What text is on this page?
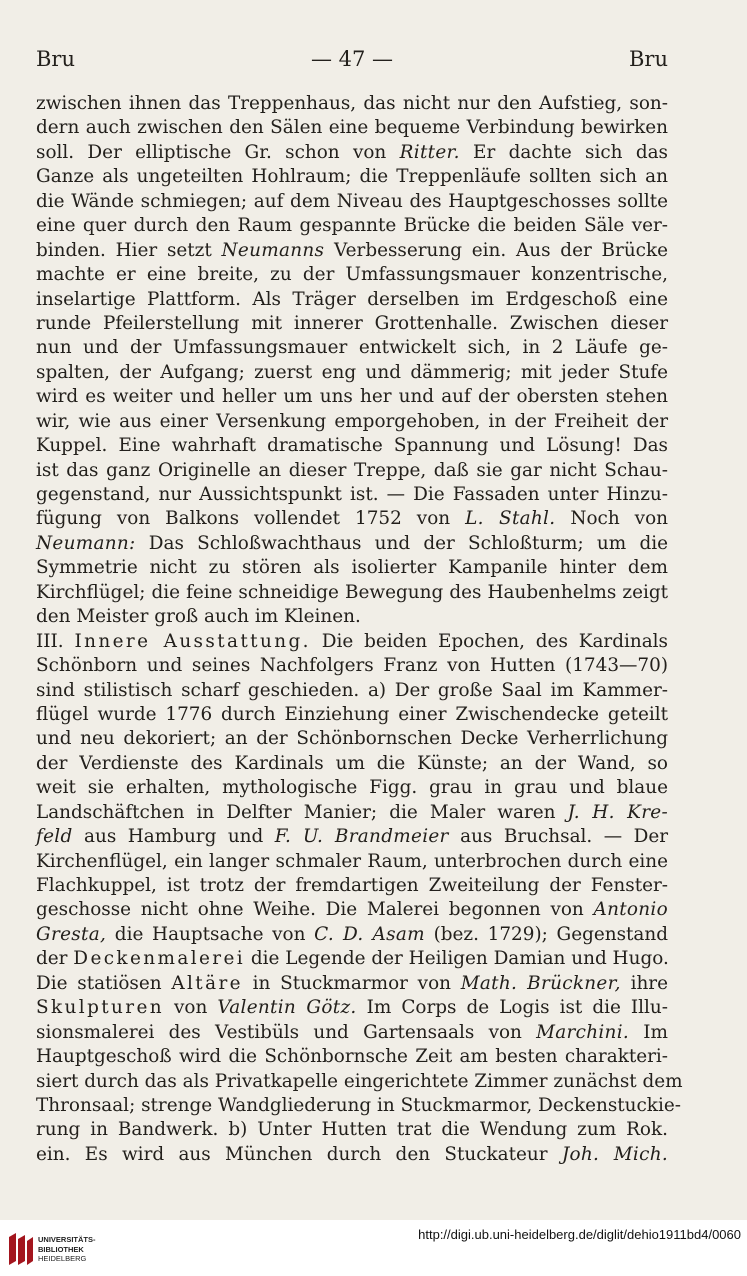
Bru	— 47 —	Bru
zwischen ihnen das Treppenhaus, das nicht nur den Aufstieg, son-
dern auch zwischen den Sälen eine bequeme Verbindung bewirken
soll. Der elliptische Gr. schon von Ritter. Er dachte sich das
Ganze als ungeteilten Hohlraum; die Treppenläufe sollten sich an
die Wände schmiegen; auf dem Niveau des Hauptgeschosses sollte
eine quer durch den Raum gespannte Brücke die beiden Säle ver-
binden. Hier setzt Neumanns Verbesserung ein. Aus der Brücke
machte er eine breite, zu der Umfassungsmauer konzentrische,
inselartige Plattform. Als Träger derselben im Erdgeschoß eine
runde Pfeilerstellung mit innerer Grottenhalle. Zwischen dieser
nun und der Umfassungsmauer entwickelt sich, in 2 Läufe ge-
spalten, der Aufgang; zuerst eng und dämmerig; mit jeder Stufe
wird es weiter und heller um uns her und auf der obersten stehen
wir, wie aus einer Versenkung emporgehoben, in der Freiheit der
Kuppel. Eine wahrhaft dramatische Spannung und Lösung! Das
ist das ganz Originelle an dieser Treppe, daß sie gar nicht Schau-
gegenstand, nur Aussichtspunkt ist. — Die Fassaden unter Hinzu-
fügung von Balkons vollendet 1752 von L. Stahl. Noch von
Neumann: Das Schloßwachthaus und der Schloßturm; um die
Symmetrie nicht zu stören als isolierter Kampanile hinter dem
Kirchflügel; die feine schneidige Bewegung des Haubenhelms zeigt
den Meister groß auch im Kleinen.
III. Innere Ausstattung. Die beiden Epochen, des Kardinals
Schönborn und seines Nachfolgers Franz von Hutten (1743—70)
sind stilistisch scharf geschieden. a) Der große Saal im Kammer-
flügel wurde 1776 durch Einziehung einer Zwischendecke geteilt
und neu dekoriert; an der Schönbornschen Decke Verherrlichung
der Verdienste des Kardinals um die Künste; an der Wand, so
weit sie erhalten, mythologische Figg. grau in grau und blaue
Landschäftchen in Delfter Manier; die Maler waren J. H. Kre-
feld aus Hamburg und F. U. Brandmeier aus Bruchsal. — Der
Kirchenflügel, ein langer schmaler Raum, unterbrochen durch eine
Flachkuppel, ist trotz der fremdartigen Zweiteilung der Fenster-
geschosse nicht ohne Weihe. Die Malerei begonnen von Antonio
Gresta, die Hauptsache von C. D. Asam (bez. 1729); Gegenstand
der Deckenmalerei die Legende der Heiligen Damian und Hugo.
Die statiösen Altäre in Stuckmarmor von Math. Brückner, ihre
Skulpturen von Valentin Götz. Im Corps de Logis ist die Illu-
sionsmalerei des Vestibüls und Gartensaals von Marchini. Im
Hauptgeschoß wird die Schönbornsche Zeit am besten charakteri-
siert durch das als Privatkapelle eingerichtete Zimmer zunächst dem
Thronsaal; strenge Wandgliederung in Stuckmarmor, Deckenstuckie-
rung in Bandwerk. b) Unter Hutten trat die Wendung zum Rok.
ein. Es wird aus München durch den Stuckateur Joh. Mich.
UNIVERSITÄTS-
BIBLIOTHEK
HEIDELBERG
http://digi.ub.uni-heidelberg.de/diglit/dehio1911bd4/0060
